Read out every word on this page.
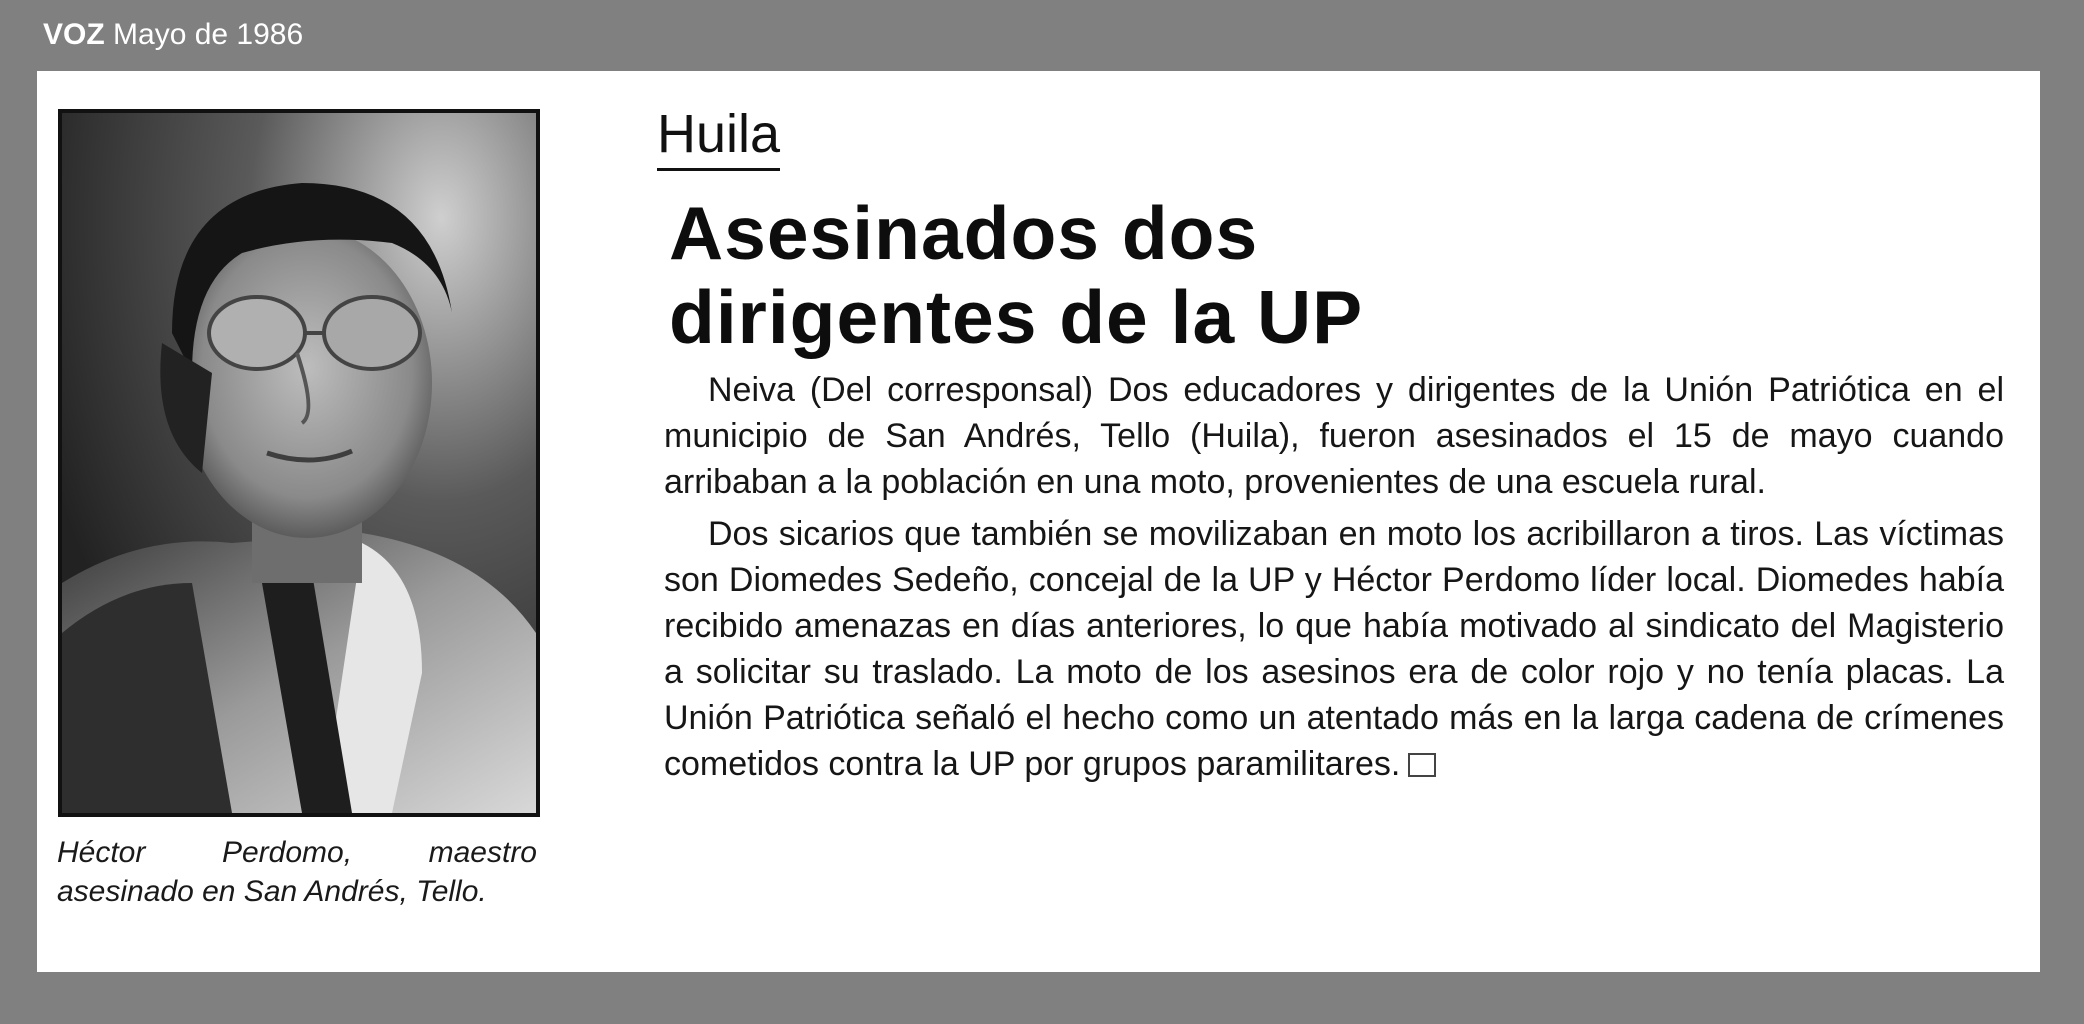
VOZ Mayo de 1986
Héctor Perdomo, maestro asesinado en San Andrés, Tello.
Huila
Asesinados dos
dirigentes de la UP

Neiva (Del corresponsal) Dos educadores y dirigentes de la Unión Patriótica en el municipio de San Andrés, Tello (Huila), fueron asesinados el 15 de mayo cuando arribaban a la población en una moto, provenientes de una escuela rural.

Dos sicarios que también se movilizaban en moto los acribillaron a tiros. Las víctimas son Diomedes Sedeño, concejal de la UP y Héctor Perdomo líder local. Diomedes había recibido amenazas en días anteriores, lo que había motivado al sindicato del Magisterio a solicitar su traslado. La moto de los asesinos era de color rojo y no tenía placas. La Unión Patriótica señaló el hecho como un atentado más en la larga cadena de crímenes cometidos contra la UP por grupos paramilitares.
